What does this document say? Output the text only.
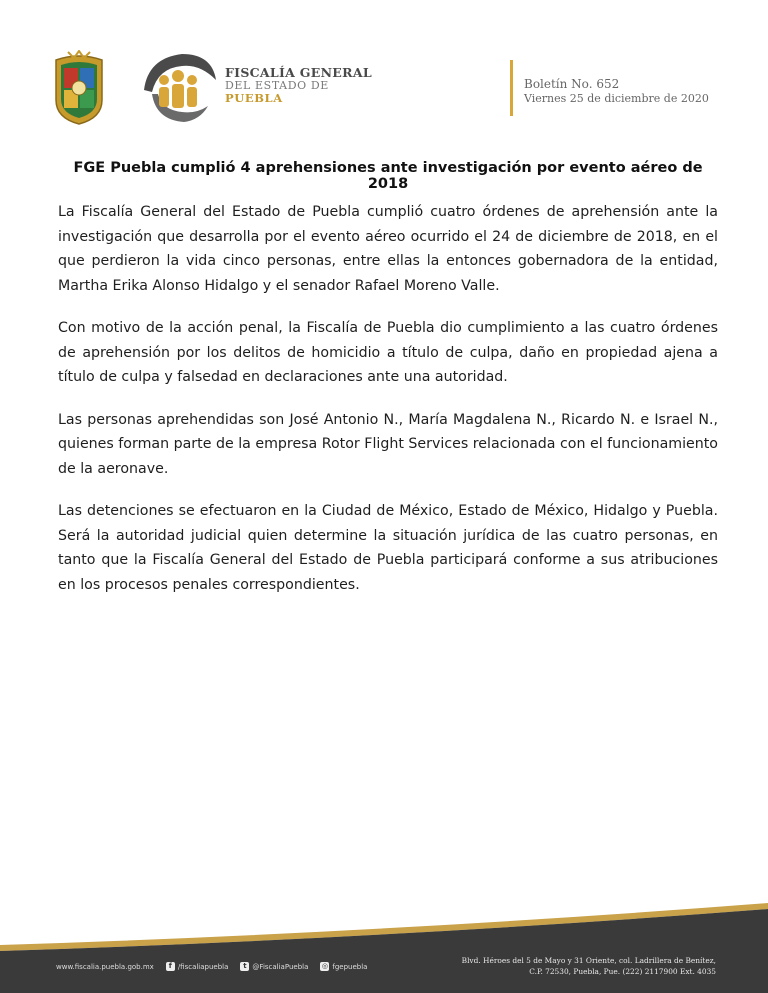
FISCALÍA GENERAL
DEL ESTADO DE
PUEBLA
Boletín No. 652
Viernes 25 de diciembre de 2020
FGE Puebla cumplió 4 aprehensiones ante investigación por evento aéreo de 2018

La Fiscalía General del Estado de Puebla cumplió cuatro órdenes de aprehensión ante la investigación que desarrolla por el evento aéreo ocurrido el 24 de diciembre de 2018, en el que perdieron la vida cinco personas, entre ellas la entonces gobernadora de la entidad, Martha Erika Alonso Hidalgo y el senador Rafael Moreno Valle.

Con motivo de la acción penal, la Fiscalía de Puebla dio cumplimiento a las cuatro órdenes de aprehensión por los delitos de homicidio a título de culpa, daño en propiedad ajena a título de culpa y falsedad en declaraciones ante una autoridad.

Las personas aprehendidas son José Antonio N., María Magdalena N., Ricardo N. e Israel N., quienes forman parte de la empresa Rotor Flight Services relacionada con el funcionamiento de la aeronave.

Las detenciones se efectuaron en la Ciudad de México, Estado de México, Hidalgo y Puebla. Será la autoridad judicial quien determine la situación jurídica de las cuatro personas, en tanto que la Fiscalía General del Estado de Puebla participará conforme a sus atribuciones en los procesos penales correspondientes.

www.fiscalia.puebla.gob.mx	f /fiscaliapuebla	t @FiscaliaPuebla ◎ fgepuebla
Blvd. Héroes del 5 de Mayo y 31 Oriente, col. Ladrillera de Benítez,
C.P. 72530, Puebla, Pue. (222) 2117900 Ext. 4035
